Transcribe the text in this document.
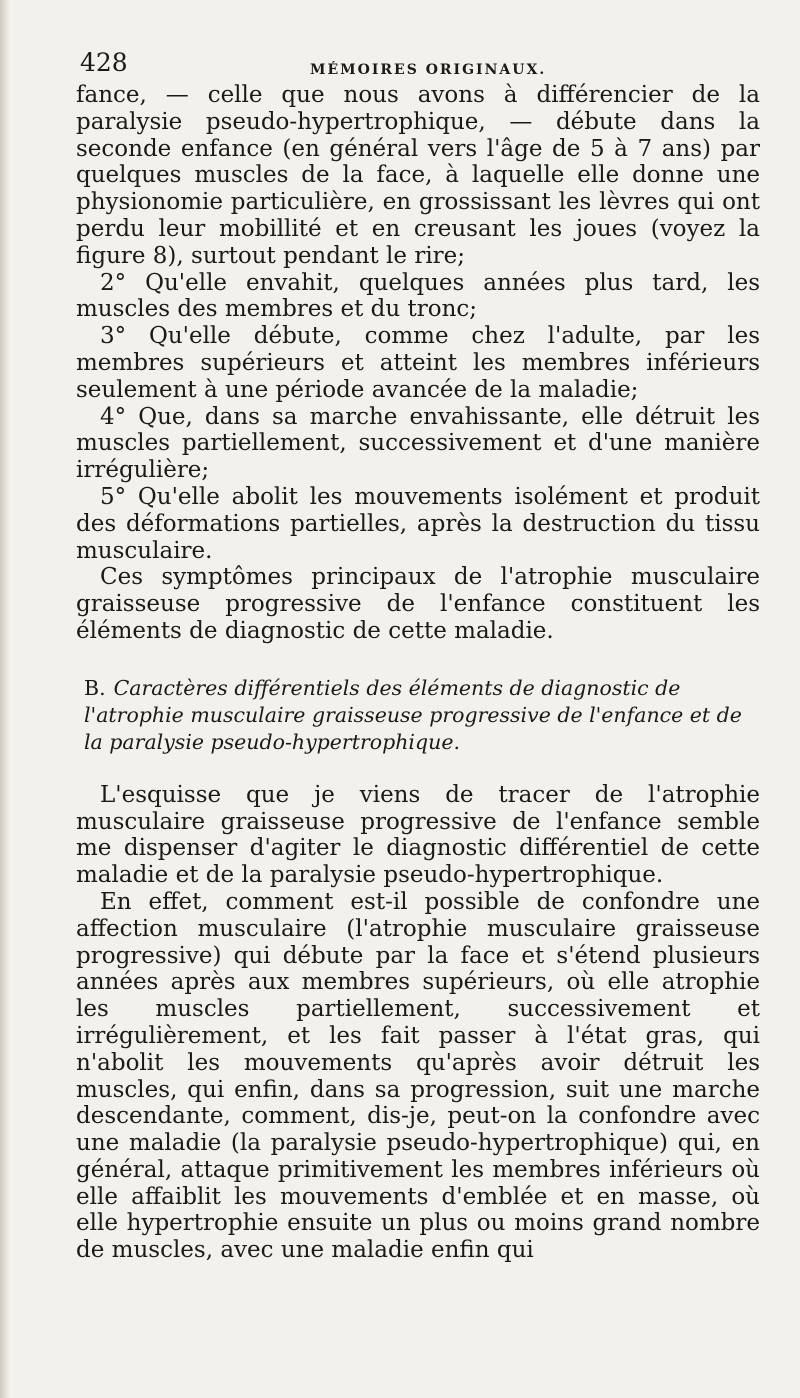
428	MÉMOIRES ORIGINAUX.

fance, — celle que nous avons à différencier de la paralysie pseudo-hypertrophique, — débute dans la seconde enfance (en général vers l'âge de 5 à 7 ans) par quelques muscles de la face, à laquelle elle donne une physionomie particulière, en grossissant les lèvres qui ont perdu leur mobillité et en creusant les joues (voyez la figure 8), surtout pendant le rire;

2° Qu'elle envahit, quelques années plus tard, les muscles des membres et du tronc;

3° Qu'elle débute, comme chez l'adulte, par les membres supérieurs et atteint les membres inférieurs seulement à une période avancée de la maladie;

4° Que, dans sa marche envahissante, elle détruit les muscles partiellement, successivement et d'une manière irrégulière;

5° Qu'elle abolit les mouvements isolément et produit des déformations partielles, après la destruction du tissu musculaire.

Ces symptômes principaux de l'atrophie musculaire graisseuse progressive de l'enfance constituent les éléments de diagnostic de cette maladie.

B. Caractères différentiels des éléments de diagnostic de l'atrophie musculaire graisseuse progressive de l'enfance et de la paralysie pseudo-hypertrophique.

L'esquisse que je viens de tracer de l'atrophie musculaire graisseuse progressive de l'enfance semble me dispenser d'agiter le diagnostic différentiel de cette maladie et de la paralysie pseudo-hypertrophique.

En effet, comment est-il possible de confondre une affection musculaire (l'atrophie musculaire graisseuse progressive) qui débute par la face et s'étend plusieurs années après aux membres supérieurs, où elle atrophie les muscles partiellement, successivement et irrégulièrement, et les fait passer à l'état gras, qui n'abolit les mouvements qu'après avoir détruit les muscles, qui enfin, dans sa progression, suit une marche descendante, comment, dis-je, peut-on la confondre avec une maladie (la paralysie pseudo-hypertrophique) qui, en général, attaque primitivement les membres inférieurs où elle affaiblit les mouvements d'emblée et en masse, où elle hypertrophie ensuite un plus ou moins grand nombre de muscles, avec une maladie enfin qui
